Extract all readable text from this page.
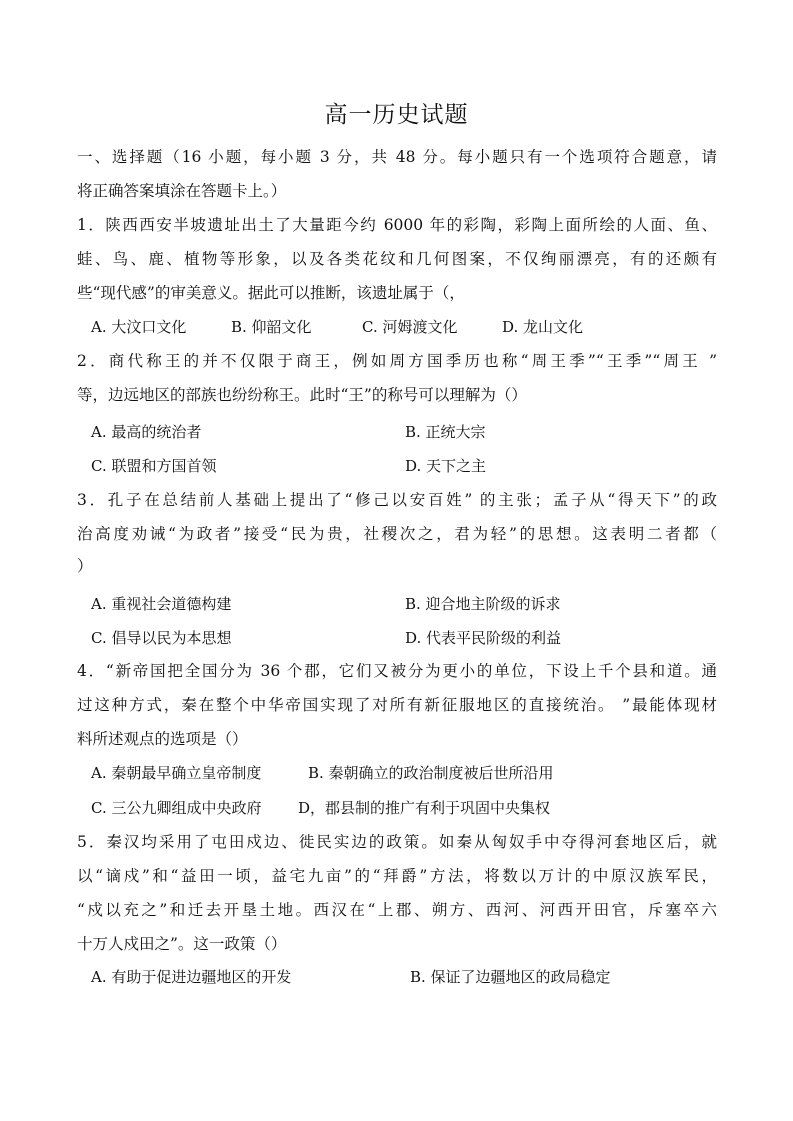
高一历史试题
一、选择题（16 小题，每小题 3 分，共 48 分。每小题只有一个选项符合题意，请
将正确答案填涂在答题卡上。）
1．陕西西安半坡遗址出土了大量距今约 6000 年的彩陶，彩陶上面所绘的人面、鱼、
蛙、鸟、鹿、植物等形象，以及各类花纹和几何图案，不仅绚丽漂亮，有的还颇有
些“现代感”的审美意义。据此可以推断，该遗址属于（，
A. 大汶口文化	B. 仰韶文化	C. 河姆渡文化	D. 龙山文化
2．商代称王的并不仅限于商王，例如周方国季历也称“周王季”“王季”“周王 ”
等，边远地区的部族也纷纷称王。此时“王”的称号可以理解为（）
A. 最高的统治者	B. 正统大宗
C. 联盟和方国首领	D. 天下之主
3．孔子在总结前人基础上提出了“修己以安百姓” 的主张；孟子从“得天下”的政
治高度劝诫“为政者”接受“民为贵，社稷次之，君为轻”的思想。这表明二者都（
）
A. 重视社会道德构建	B. 迎合地主阶级的诉求
C. 倡导以民为本思想	D. 代表平民阶级的利益
4．“新帝国把全国分为 36 个郡，它们又被分为更小的单位，下设上千个县和道。通
过这种方式，秦在整个中华帝国实现了对所有新征服地区的直接统治。 ”最能体现材
料所述观点的选项是（）
A. 秦朝最早确立皇帝制度	B. 秦朝确立的政治制度被后世所沿用
C. 三公九卿组成中央政府 D，郡县制的推广有利于巩固中央集权
5．秦汉均采用了屯田戍边、徙民实边的政策。如秦从匈奴手中夺得河套地区后，就
以“谪戍”和“益田一顷，益宅九亩”的“拜爵”方法，将数以万计的中原汉族军民，
“戍以充之”和迁去开垦土地。西汉在“上郡、朔方、西河、河西开田官，斥塞卒六
十万人戍田之”。这一政策（）
A. 有助于促进边疆地区的开发	B. 保证了边疆地区的政局稳定
